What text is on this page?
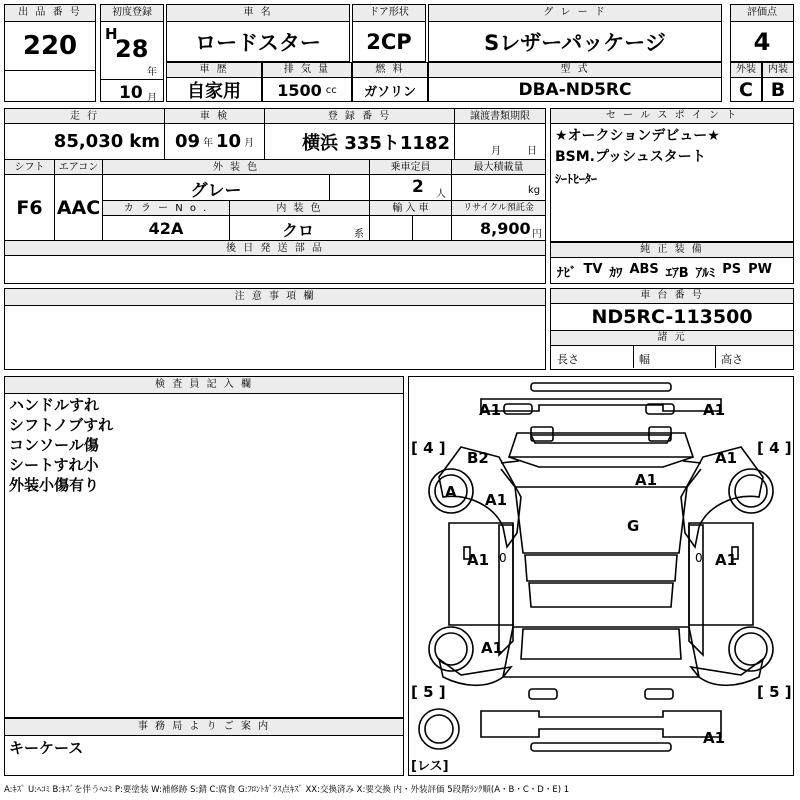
出 品 番 号
220
初度登録
H
28
年
10 月
車 名
ロードスター
ドア形状
2CP
グ レ ー ド
Sレザーパッケージ
評価点
4
車 歴
自家用
排 気 量
1500 cc
燃 料
ガソリン
型 式
DBA-ND5RC
外装
C
内装
B
走 行	車 検	登 録 番 号	譲渡書類期限
85,030 km 09 年 10 月	横浜 335ト1182	月	日
シフト	エアコン	外 装 色	乗車定員	最大積載量
F6 AAC
グレー	2 人	kg
カ ラ ー N o .	内 装 色	輸 入 車	リサイクル預託金
42A	クロ	系	8,900 円
後 日 発 送 部 品
セ ー ル ス ポ イ ン ト
★オークションデビュー★
BSM.プッシュスタート
ｼｰﾄﾋｰﾀｰ
純 正 装 備
ﾅﾋﾞ TV ｶﾜ ABS ｴｱB ｱﾙﾐ PS PW
注 意 事 項 欄	車 台 番 号
ND5RC-113500
諸 元
長さ	幅	高さ
検 査 員 記 入 欄
ハンドルすれ
シフトノブすれ
コンソール傷
シートすれ小
外装小傷有り
事 務 局 よ り ご 案 内
キーケース
[ 4 ]	[ 4 ]
[ 5 ]	[ 5 ]
[レス]
A1	A1
B2	A1
A A1
A1
G
A1	A1
A1
A1
0	0
A:ｷｽﾞ U:ﾍｺﾐ B:ｷｽﾞを伴うﾍｺﾐ P:要塗装 W:補修跡 S:錆 C:腐食 G:ﾌﾛﾝﾄｶﾞﾗｽ点ｷｽﾞ XX:交換済み X:要交換 内・外装評価 5段階ﾗﾝｸ順(A・B・C・D・E) 1
